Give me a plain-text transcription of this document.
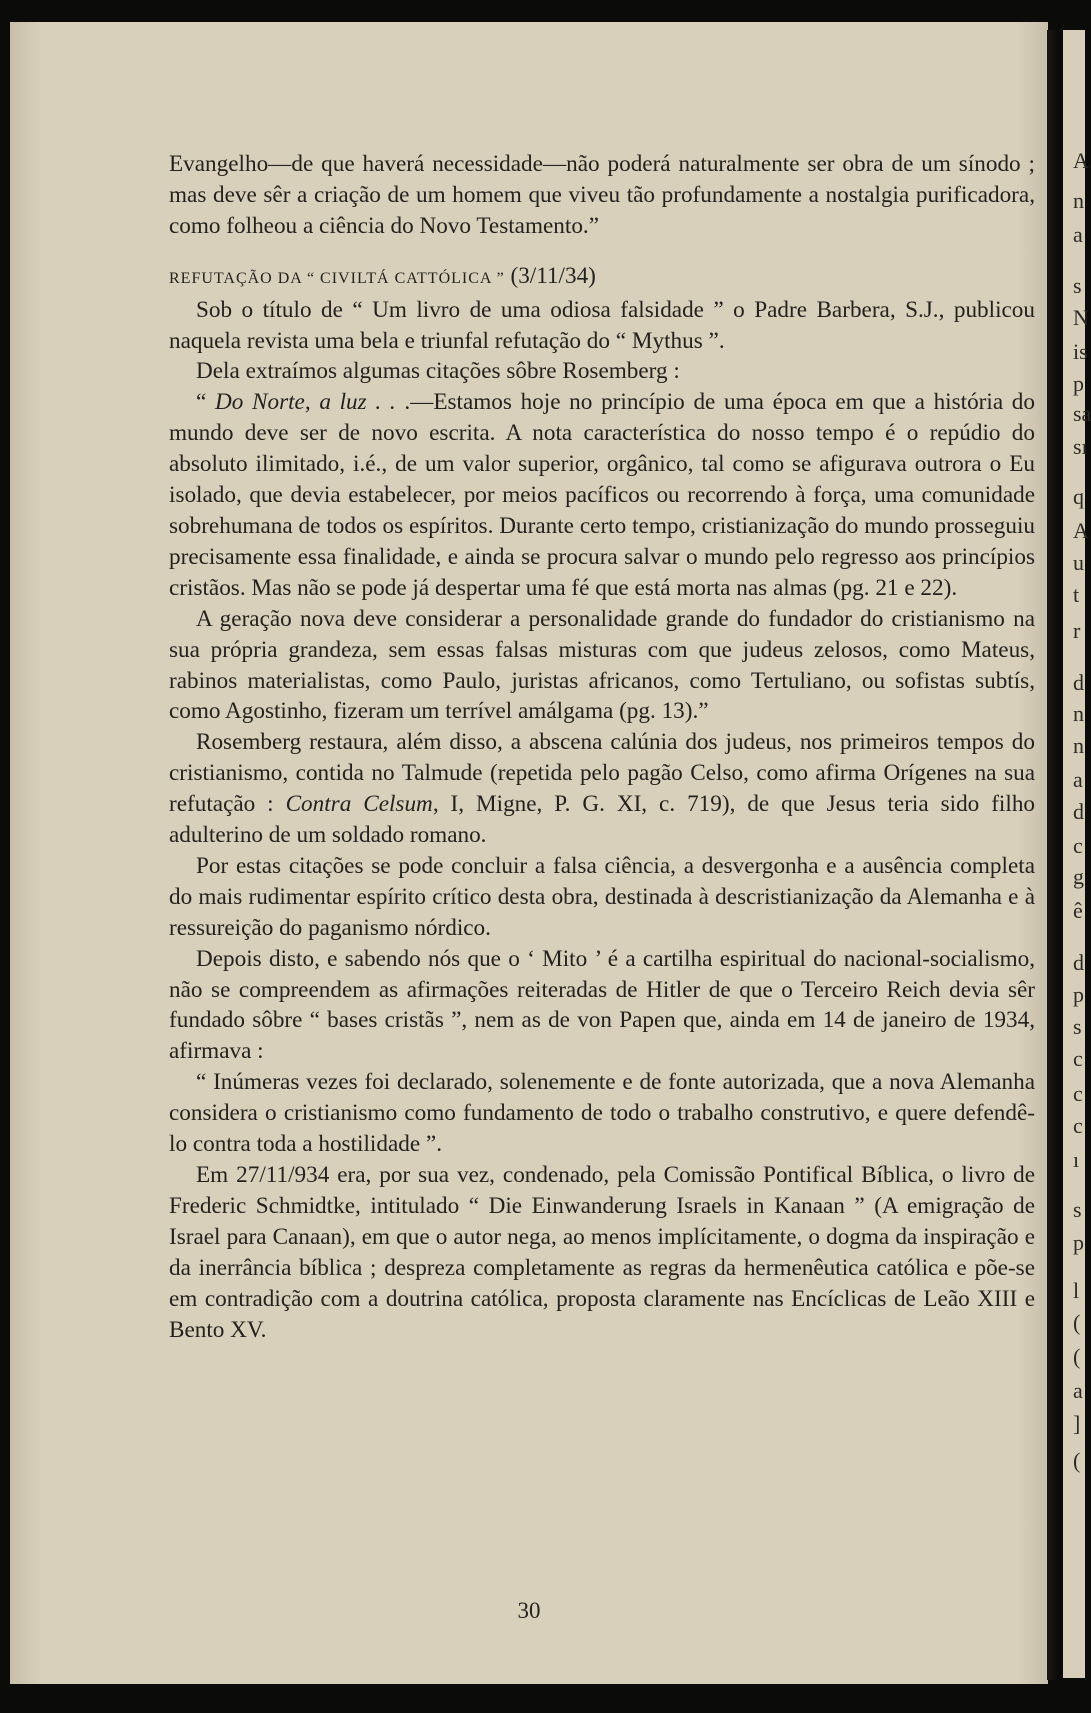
Evangelho—de que haverá necessidade—não poderá naturalmente ser obra de um sínodo ; mas deve sêr a criação de um homem que viveu tão profundamente a nostalgia purificadora, como folheou a ciência do Novo Testamento.”

REFUTAÇÃO DA “ CIVILTÁ CATTÓLICA ” (3/11/34)

Sob o título de “ Um livro de uma odiosa falsidade ” o Padre Barbera, S.J., publicou naquela revista uma bela e triunfal refutação do “ Mythus ”.

Dela extraímos algumas citações sôbre Rosemberg :

“ Do Norte, a luz . . .—Estamos hoje no princípio de uma época em que a história do mundo deve ser de novo escrita. A nota característica do nosso tempo é o repúdio do absoluto ilimitado, i.é., de um valor superior, orgânico, tal como se afigurava outrora o Eu isolado, que devia estabelecer, por meios pacíficos ou recorrendo à força, uma comunidade sobrehumana de todos os espíritos. Durante certo tempo, cristianização do mundo prosseguiu precisamente essa finalidade, e ainda se procura salvar o mundo pelo regresso aos princípios cristãos. Mas não se pode já despertar uma fé que está morta nas almas (pg. 21 e 22).

A geração nova deve considerar a personalidade grande do fundador do cristianismo na sua própria grandeza, sem essas falsas misturas com que judeus zelosos, como Mateus, rabinos materialistas, como Paulo, juristas africanos, como Tertuliano, ou sofistas subtís, como Agostinho, fizeram um terrível amálgama (pg. 13).”

Rosemberg restaura, além disso, a abscena calúnia dos judeus, nos primeiros tempos do cristianismo, contida no Talmude (repetida pelo pagão Celso, como afirma Orígenes na sua refutação : Contra Celsum, I, Migne, P. G. XI, c. 719), de que Jesus teria sido filho adulterino de um soldado romano.

Por estas citações se pode concluir a falsa ciência, a desvergonha e a ausência completa do mais rudimentar espírito crítico desta obra, destinada à descristianização da Alemanha e à ressureição do paganismo nórdico.

Depois disto, e sabendo nós que o ‘ Mito ’ é a cartilha espiritual do nacional-socialismo, não se compreendem as afirmações reiteradas de Hitler de que o Terceiro Reich devia sêr fundado sôbre “ bases cristãs ”, nem as de von Papen que, ainda em 14 de janeiro de 1934, afirmava :

“ Inúmeras vezes foi declarado, solenemente e de fonte autorizada, que a nova Alemanha considera o cristianismo como fundamento de todo o trabalho construtivo, e quere defendê-lo contra toda a hostilidade ”.

Em 27/11/934 era, por sua vez, condenado, pela Comissão Pontifical Bíblica, o livro de Frederic Schmidtke, intitulado “ Die Einwanderung Israels in Kanaan ” (A emigração de Israel para Canaan), em que o autor nega, ao menos implícitamente, o dogma da inspiração e da inerrância bíblica ; despreza completamente as regras da hermenêutica católica e põe-se em contradição com a doutrina católica, proposta claramente nas Encíclicas de Leão XIII e Bento XV.

30
A
n
a
s
N
is
p
sa
sı
q
A
u
t
r
d
n
n
a
d
c
g
ê
d
p
s
c
c
c
ı
s
p
l
(
(
a
]
(
